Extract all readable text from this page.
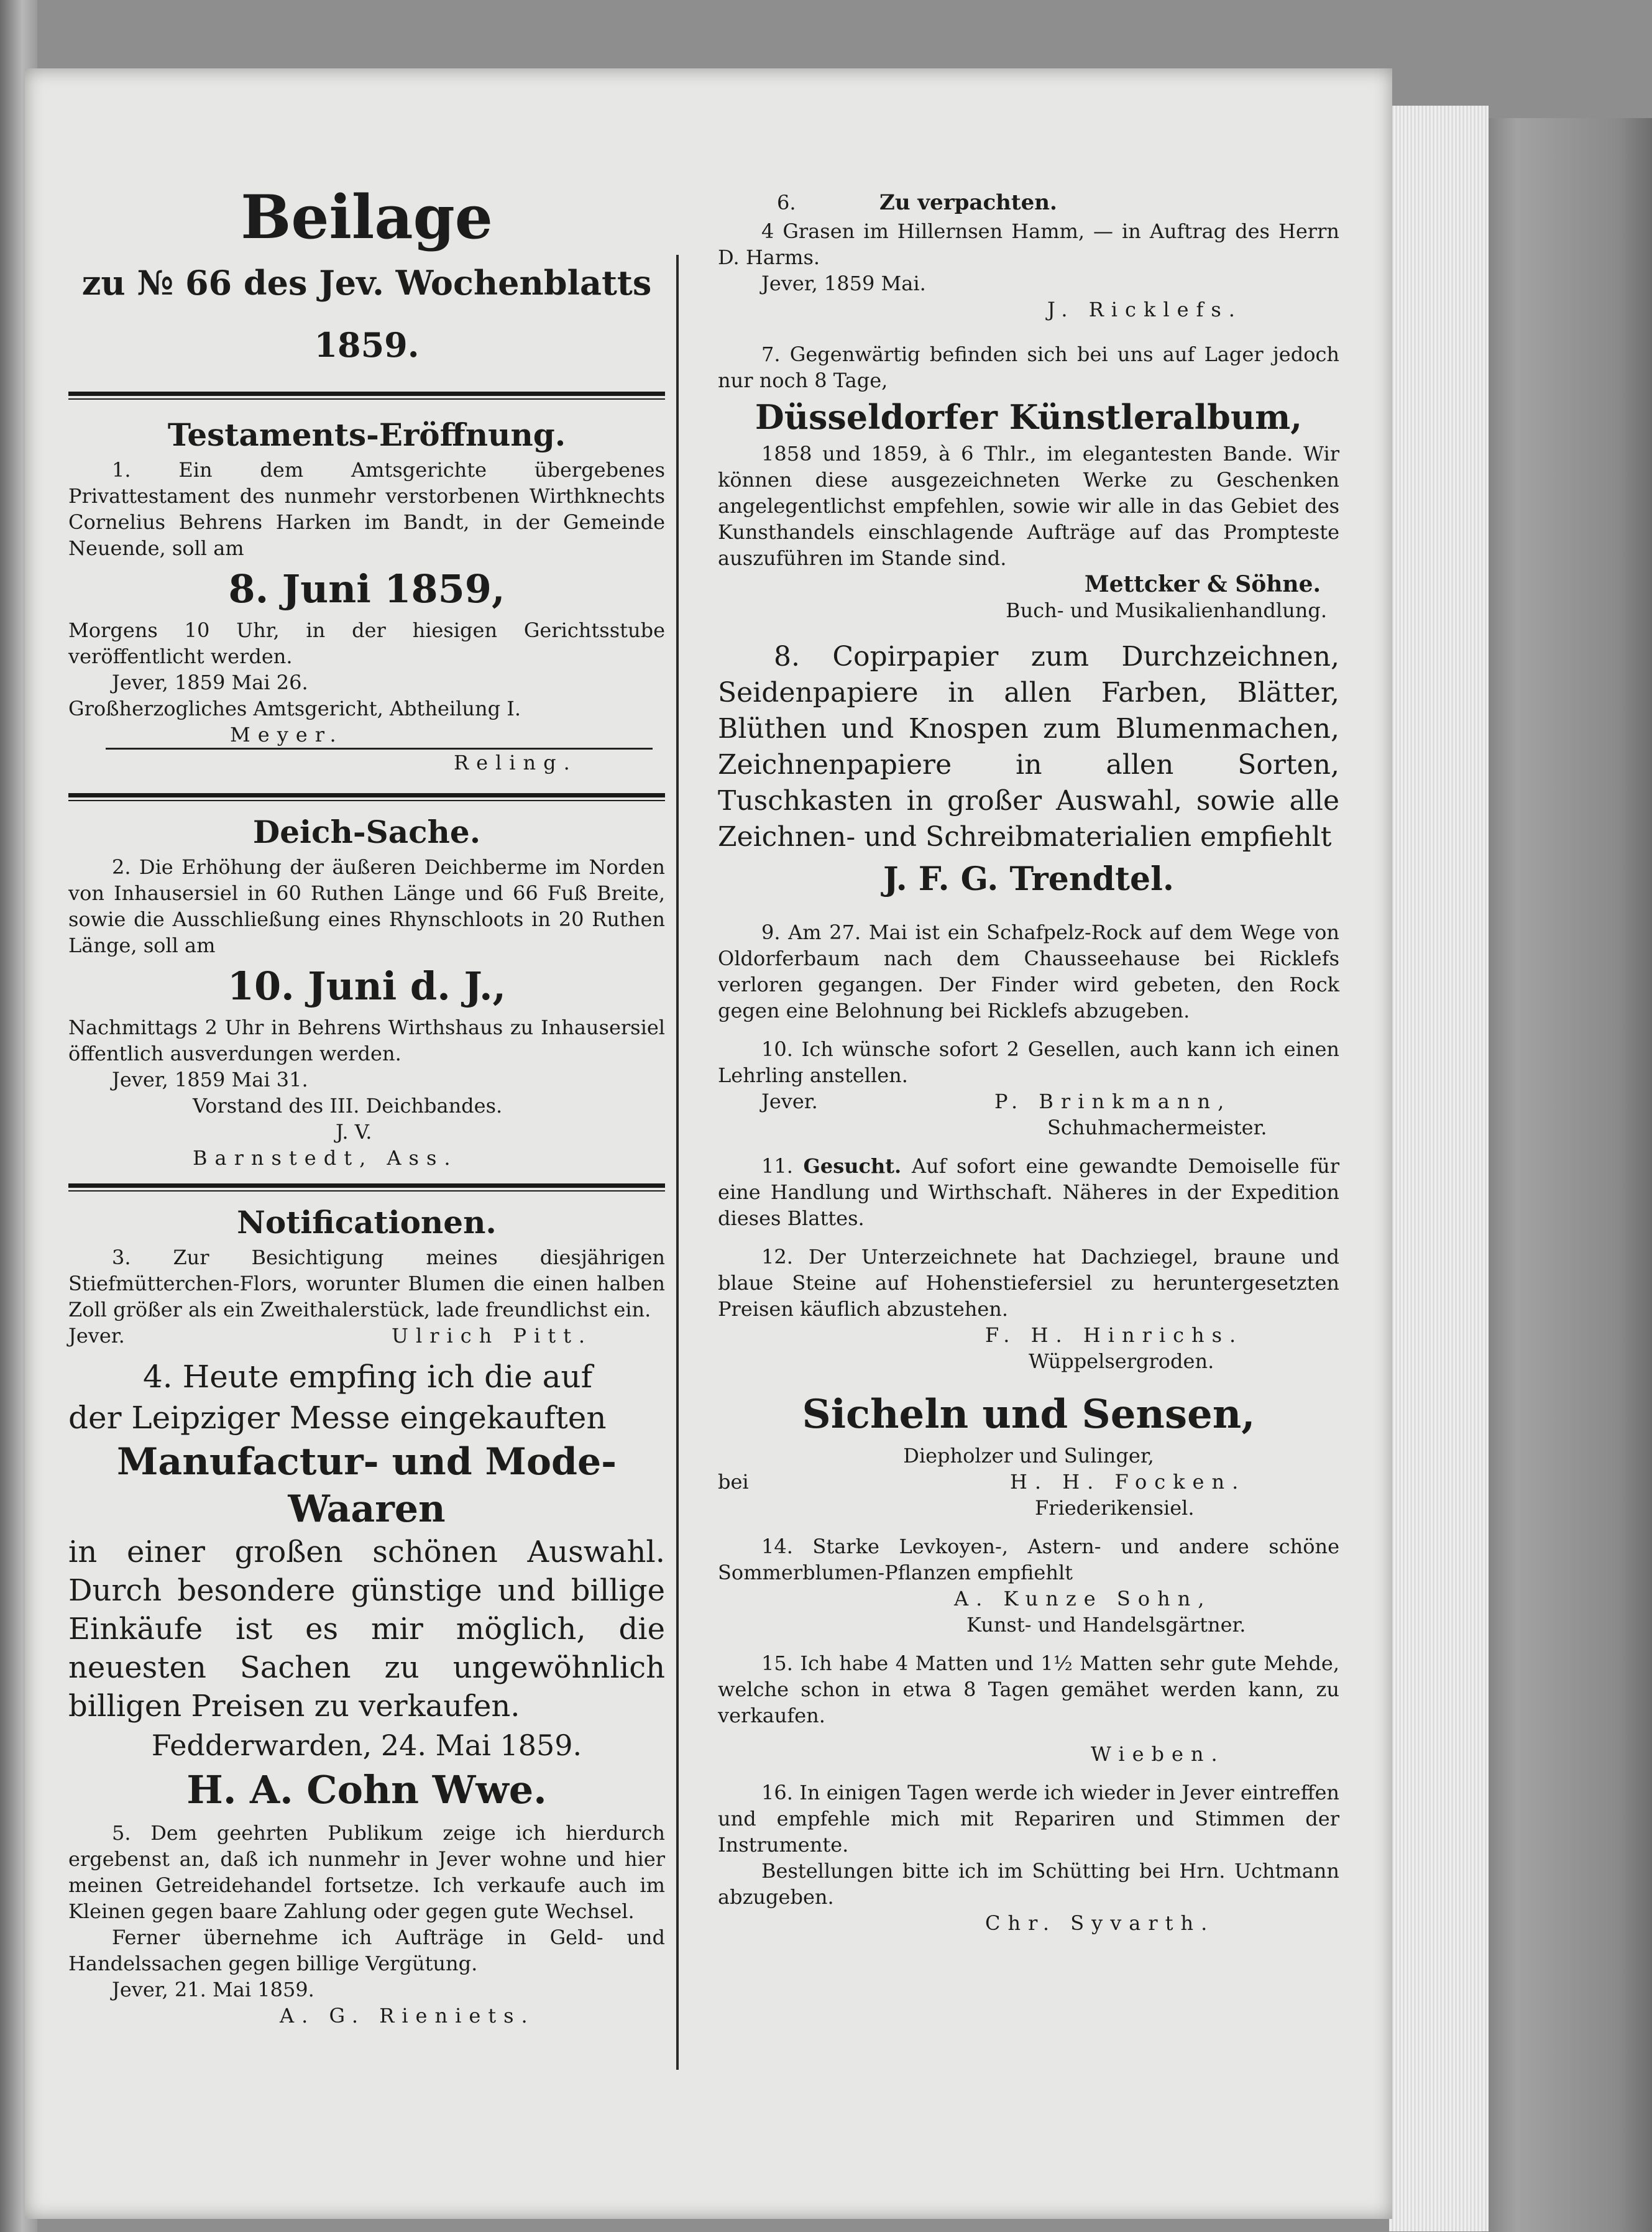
Beilage
zu № 66 des Jev. Wochenblatts 1859.
Testaments-Eröffnung.

1. Ein dem Amtsgerichte übergebenes Privattestament des nunmehr verstorbenen Wirthknechts Cornelius Behrens Harken im Bandt, in der Gemeinde Neuende, soll am

8. Juni 1859,

Morgens 10 Uhr, in der hiesigen Gerichtsstube veröffentlicht werden.

Jever, 1859 Mai 26.

Großherzogliches Amtsgericht, Abtheilung I.

Meyer.

Reling.

Deich-Sache.

2. Die Erhöhung der äußeren Deichberme im Norden von Inhausersiel in 60 Ruthen Länge und 66 Fuß Breite, sowie die Ausschließung eines Rhynschloots in 20 Ruthen Länge, soll am

10. Juni d. J.,

Nachmittags 2 Uhr in Behrens Wirthshaus zu Inhausersiel öffentlich ausverdungen werden.

Jever, 1859 Mai 31.

Vorstand des III. Deichbandes.

J. V.

Barnstedt, Ass.

Notificationen.

3. Zur Besichtigung meines diesjährigen Stiefmütterchen-Flors, worunter Blumen die einen halben Zoll größer als ein Zweithalerstück, lade freundlichst ein.

Jever.	Ulrich Pitt.

4. Heute empfing ich die auf

der Leipziger Messe eingekauften

Manufactur- und Mode-
Waaren

in einer großen schönen Auswahl. Durch besondere günstige und billige Einkäufe ist es mir möglich, die neuesten Sachen zu ungewöhnlich billigen Preisen zu verkaufen.

Fedderwarden, 24. Mai 1859.

H. A. Cohn Wwe.

5. Dem geehrten Publikum zeige ich hierdurch ergebenst an, daß ich nunmehr in Jever wohne und hier meinen Getreidehandel fortsetze. Ich verkaufe auch im Kleinen gegen baare Zahlung oder gegen gute Wechsel.

Ferner übernehme ich Aufträge in Geld- und Handelssachen gegen billige Vergütung.

Jever, 21. Mai 1859.

A. G. Rieniets.

6.	Zu verpachten.

4 Grasen im Hillernsen Hamm, — in Auftrag des Herrn D. Harms.

Jever, 1859 Mai.

J. Ricklefs.

7. Gegenwärtig befinden sich bei uns auf Lager jedoch nur noch 8 Tage,

Düsseldorfer Künstleralbum,

1858 und 1859, à 6 Thlr., im elegantesten Bande. Wir können diese ausgezeichneten Werke zu Geschenken angelegentlichst empfehlen, sowie wir alle in das Gebiet des Kunsthandels einschlagende Aufträge auf das Prompteste auszuführen im Stande sind.

Mettcker & Söhne.

Buch- und Musikalienhandlung.

8. Copirpapier zum Durchzeichnen, Seidenpapiere in allen Farben, Blätter, Blüthen und Knospen zum Blumenmachen, Zeichnenpapiere in allen Sorten, Tuschkasten in großer Auswahl, sowie alle Zeichnen- und Schreibmaterialien empfiehlt

J. F. G. Trendtel.

9. Am 27. Mai ist ein Schafpelz-Rock auf dem Wege von Oldorferbaum nach dem Chausseehause bei Ricklefs verloren gegangen. Der Finder wird gebeten, den Rock gegen eine Belohnung bei Ricklefs abzugeben.

10. Ich wünsche sofort 2 Gesellen, auch kann ich einen Lehrling anstellen.

Jever.	P. Brinkmann,

Schuhmachermeister.

11. Gesucht. Auf sofort eine gewandte Demoiselle für eine Handlung und Wirthschaft. Näheres in der Expedition dieses Blattes.

12. Der Unterzeichnete hat Dachziegel, braune und blaue Steine auf Hohenstiefersiel zu heruntergesetzten Preisen käuflich abzustehen.

F. H. Hinrichs.

Wüppelsergroden.

Sicheln und Sensen,

Diepholzer und Sulinger,

bei	H. H. Focken.

Friederikensiel.

14. Starke Levkoyen-, Astern- und andere schöne Sommerblumen-Pflanzen empfiehlt

A. Kunze Sohn,

Kunst- und Handelsgärtner.

15. Ich habe 4 Matten und 1½ Matten sehr gute Mehde, welche schon in etwa 8 Tagen gemähet werden kann, zu verkaufen.

Wieben.

16. In einigen Tagen werde ich wieder in Jever eintreffen und empfehle mich mit Repariren und Stimmen der Instrumente.

Bestellungen bitte ich im Schütting bei Hrn. Uchtmann abzugeben.

Chr. Syvarth.
